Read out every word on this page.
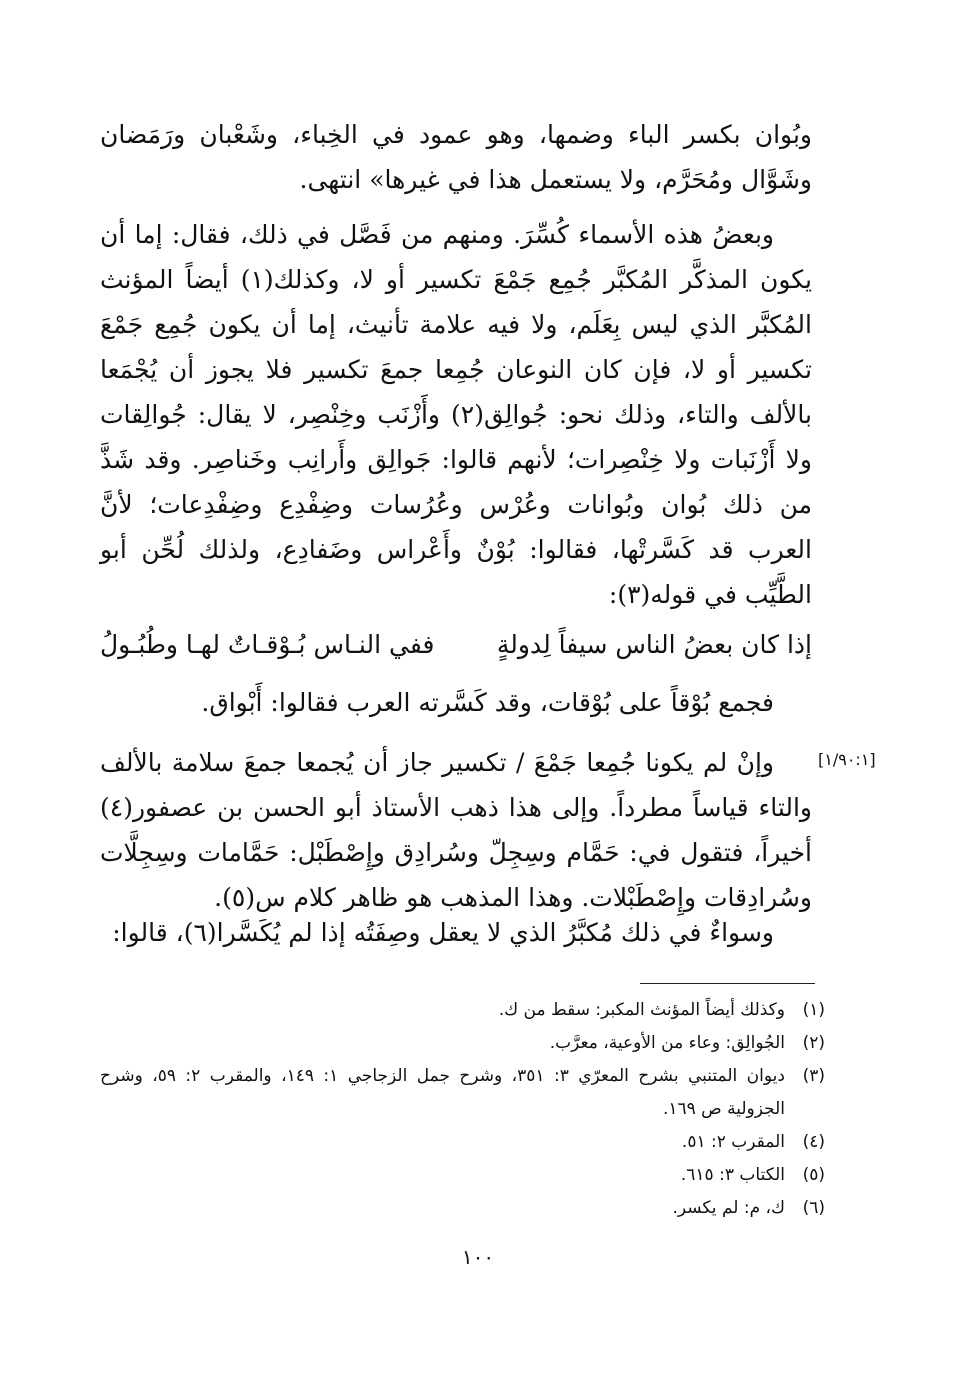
وبُوان بكسر الباء وضمها، وهو عمود في الخِباء، وشَعْبان ورَمَضان وشَوَّال ومُحَرَّم، ولا يستعمل هذا في غيرها» انتهى.

وبعضُ هذه الأسماء كُسِّرَ. ومنهم من فَصَّل في ذلك، فقال: إما أن يكون المذكَّر المُكبَّر جُمِع جَمْعَ تكسير أو لا، وكذلك(١) أيضاً المؤنث المُكبَّر الذي ليس بِعَلَم، ولا فيه علامة تأنيث، إما أن يكون جُمِع جَمْعَ تكسير أو لا، فإن كان النوعان جُمِعا جمعَ تكسير فلا يجوز أن يُجْمَعا بالألف والتاء، وذلك نحو: جُوالِق(٢) وأَزْنَب وخِنْصِر، لا يقال: جُوالِقات ولا أَزْنَبات ولا خِنْصِرات؛ لأنهم قالوا: جَوالِق وأَرانِب وخَناصِر. وقد شَذَّ من ذلك بُوان وبُوانات وعُرْس وعُرُسات وضِفْدِع وضِفْدِعات؛ لأنَّ العرب قد كَسَّرتْها، فقالوا: بُوْنٌ وأَعْراس وضَفادِع، ولذلك لُحِّن أبو الطَّيِّب في قوله(٣):

إذا كان بعضُ الناس سيفاً لِدولةٍ
ففي النـاس بُـوْقـاتٌ لهـا وطُبُـولُ

فجمع بُوْقاً على بُوْقات، وقد كَسَّرته العرب فقالوا: أَبْواق.

[١/٩٠:١]

وإنْ لم يكونا جُمِعا جَمْعَ / تكسير جاز أن يُجمعا جمعَ سلامة بالألف والتاء قياساً مطرداً. وإلى هذا ذهب الأستاذ أبو الحسن بن عصفور(٤) أخيراً، فتقول في: حَمَّام وسِجِلّ وسُرادِق وإِصْطَبْل: حَمَّامات وسِجِلَّات وسُرادِقات وإِصْطَبْلات. وهذا المذهب هو ظاهر كلام س(٥).

وسواءٌ في ذلك مُكبَّرُ الذي لا يعقل وصِفَتُه إذا لم يُكَسَّرا(٦)، قالوا:

(١)
وكذلك أيضاً المؤنث المكبر: سقط من ك.
(٢)
الجُوالِق: وعاء من الأوعية، معرَّب.
(٣)
ديوان المتنبي بشرح المعرّي ٣: ٣٥١، وشرح جمل الزجاجي ١: ١٤٩، والمقرب ٢: ٥٩، وشرح الجزولية ص ١٦٩.
(٤)
المقرب ٢: ٥١.
(٥)
الكتاب ٣: ٦١٥.
(٦)
ك، م: لم يكسر.
١٠٠
